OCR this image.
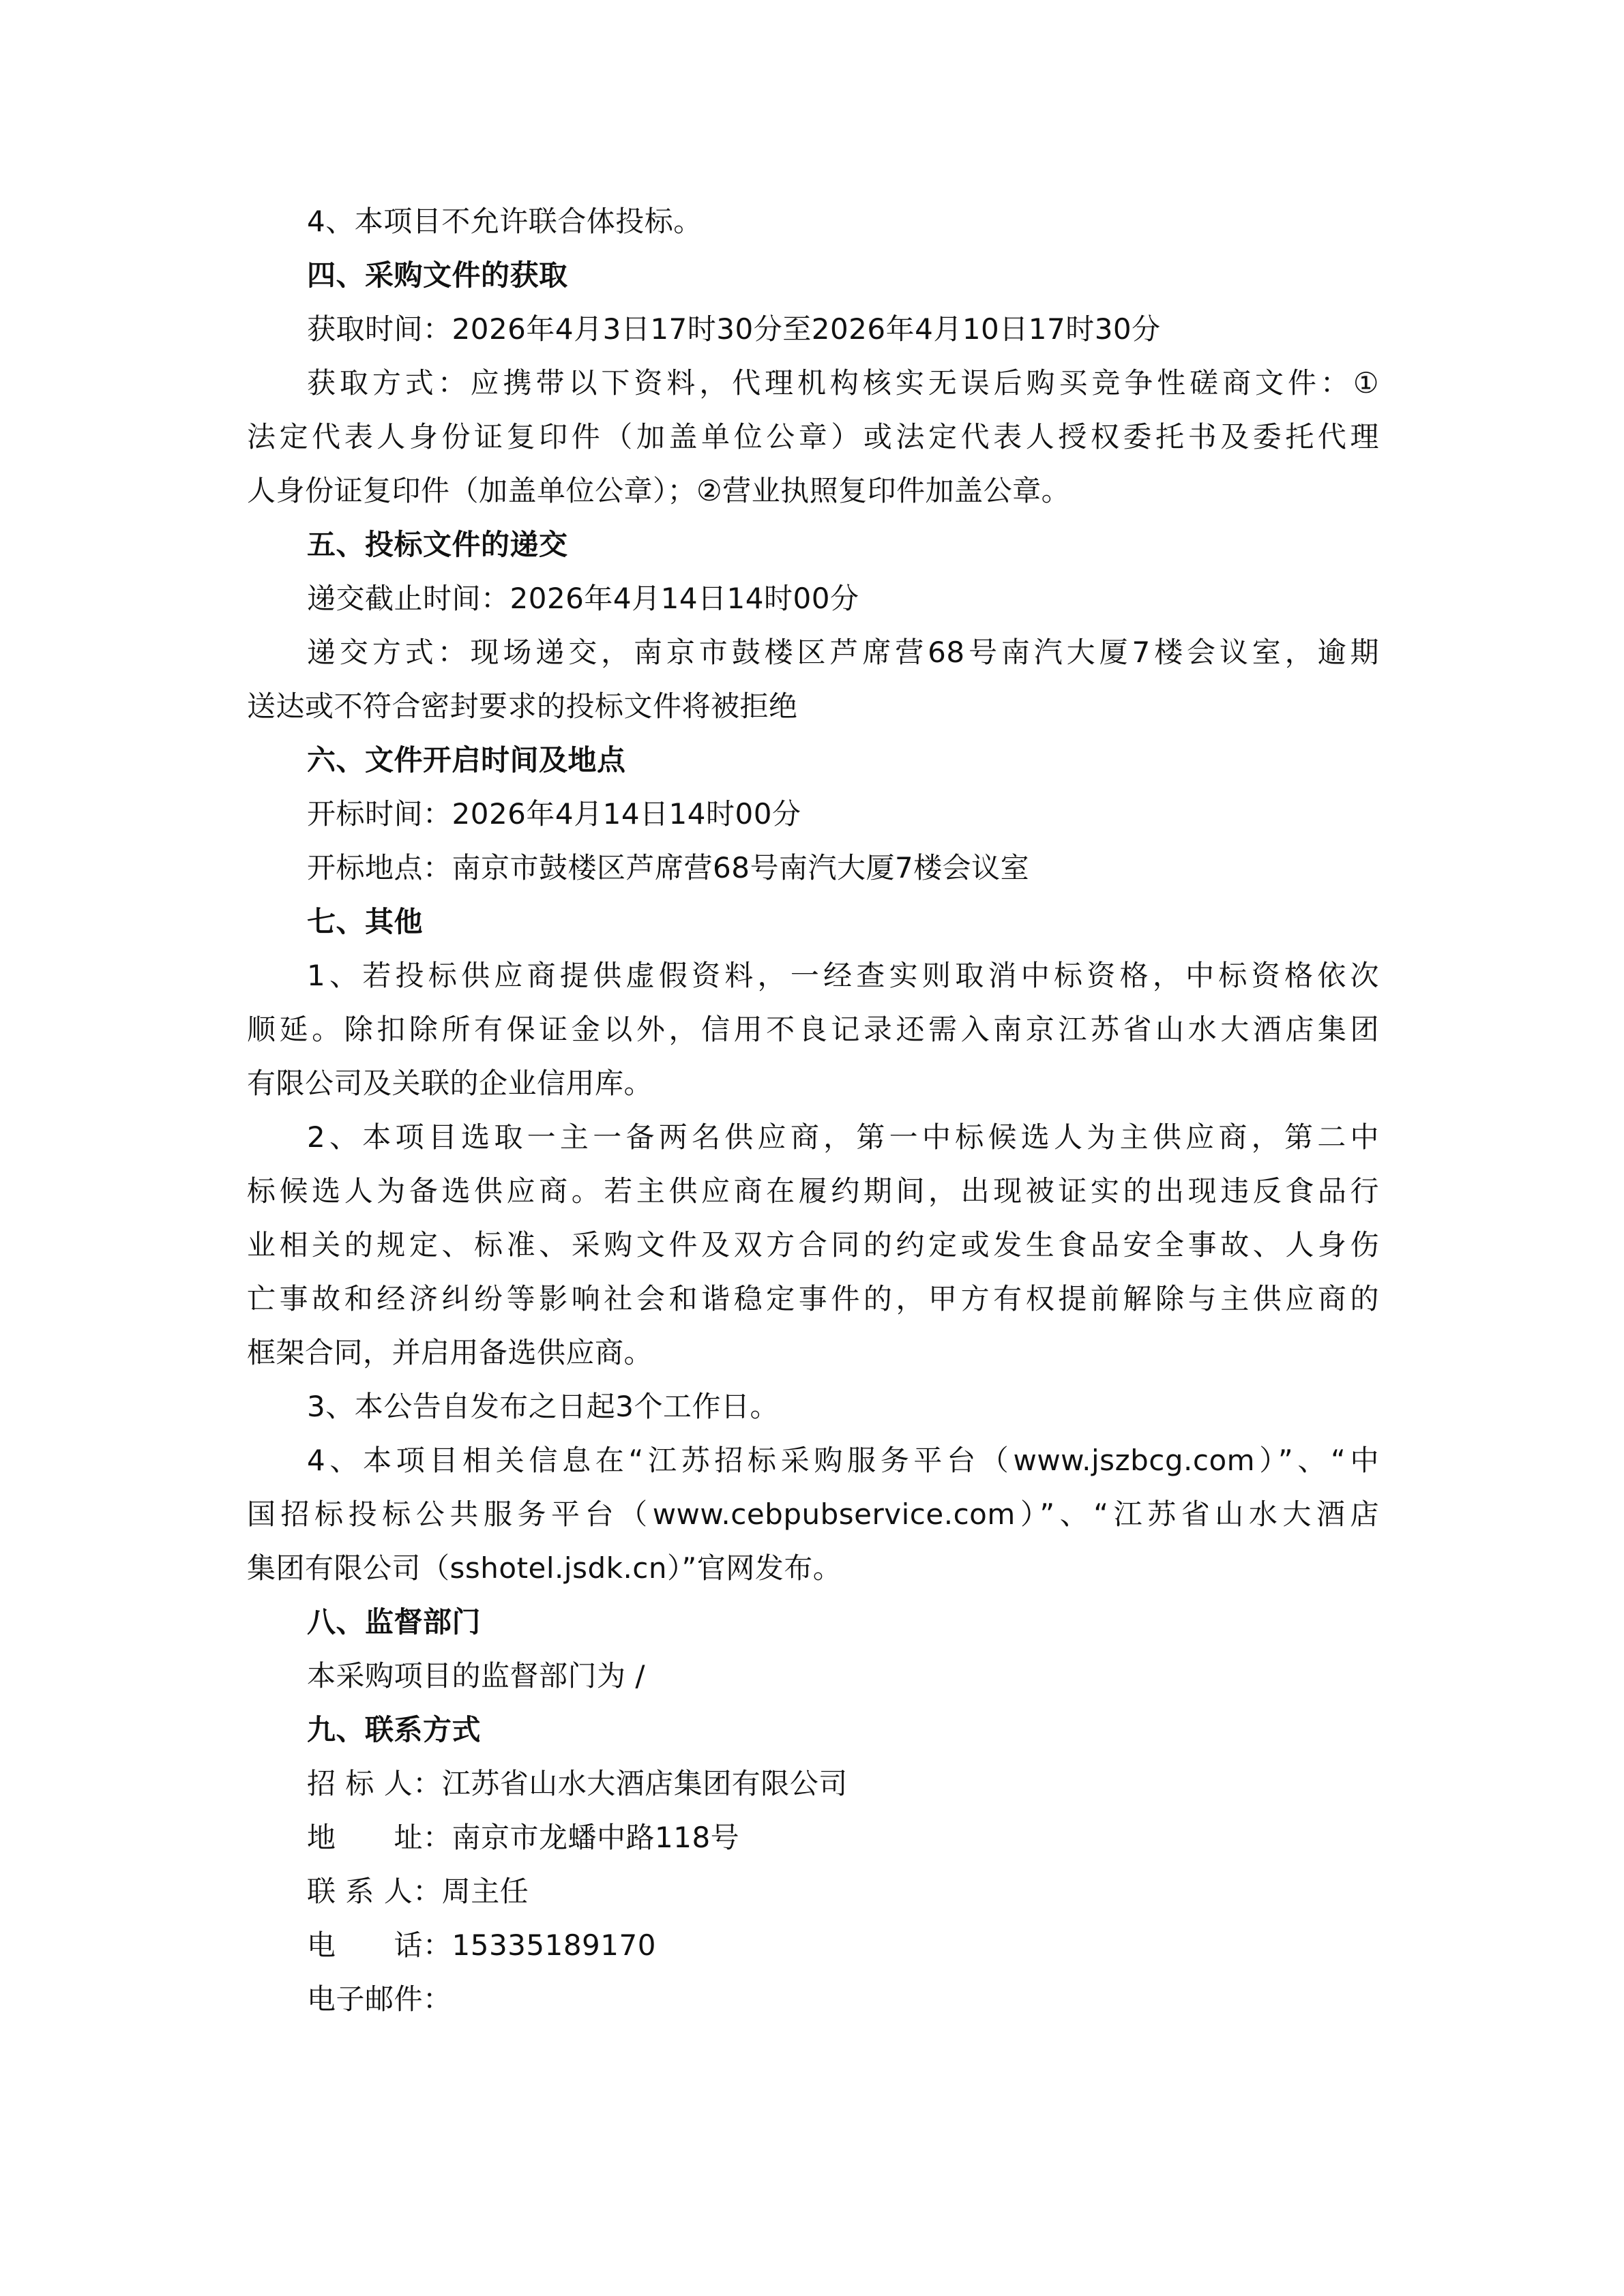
4、本项目不允许联合体投标。
四、采购文件的获取
获取时间：2026年4月3日17时30分至2026年4月10日17时30分
获取方式：应携带以下资料，代理机构核实无误后购买竞争性磋商文件：①
法定代表人身份证复印件（加盖单位公章）或法定代表人授权委托书及委托代理
人身份证复印件（加盖单位公章）；②营业执照复印件加盖公章。
五、投标文件的递交
递交截止时间：2026年4月14日14时00分
递交方式：现场递交，南京市鼓楼区芦席营68号南汽大厦7楼会议室，逾期
送达或不符合密封要求的投标文件将被拒绝
六、文件开启时间及地点
开标时间：2026年4月14日14时00分
开标地点：南京市鼓楼区芦席营68号南汽大厦7楼会议室
七、其他
1、若投标供应商提供虚假资料，一经查实则取消中标资格，中标资格依次
顺延。除扣除所有保证金以外，信用不良记录还需入南京江苏省山水大酒店集团
有限公司及关联的企业信用库。
2、本项目选取一主一备两名供应商，第一中标候选人为主供应商，第二中
标候选人为备选供应商。若主供应商在履约期间，出现被证实的出现违反食品行
业相关的规定、标准、采购文件及双方合同的约定或发生食品安全事故、人身伤
亡事故和经济纠纷等影响社会和谐稳定事件的，甲方有权提前解除与主供应商的
框架合同，并启用备选供应商。
3、本公告自发布之日起3个工作日。
4、本项目相关信息在“江苏招标采购服务平台（www.jszbcg.com）”、“中
国招标投标公共服务平台（www.cebpubservice.com）”、“江苏省山水大酒店
集团有限公司（sshotel.jsdk.cn）”官网发布。
八、监督部门
本采购项目的监督部门为 /
九、联系方式
招 标 人：江苏省山水大酒店集团有限公司
地　　址：南京市龙蟠中路118号
联 系 人：周主任
电　　话：15335189170
电子邮件：
